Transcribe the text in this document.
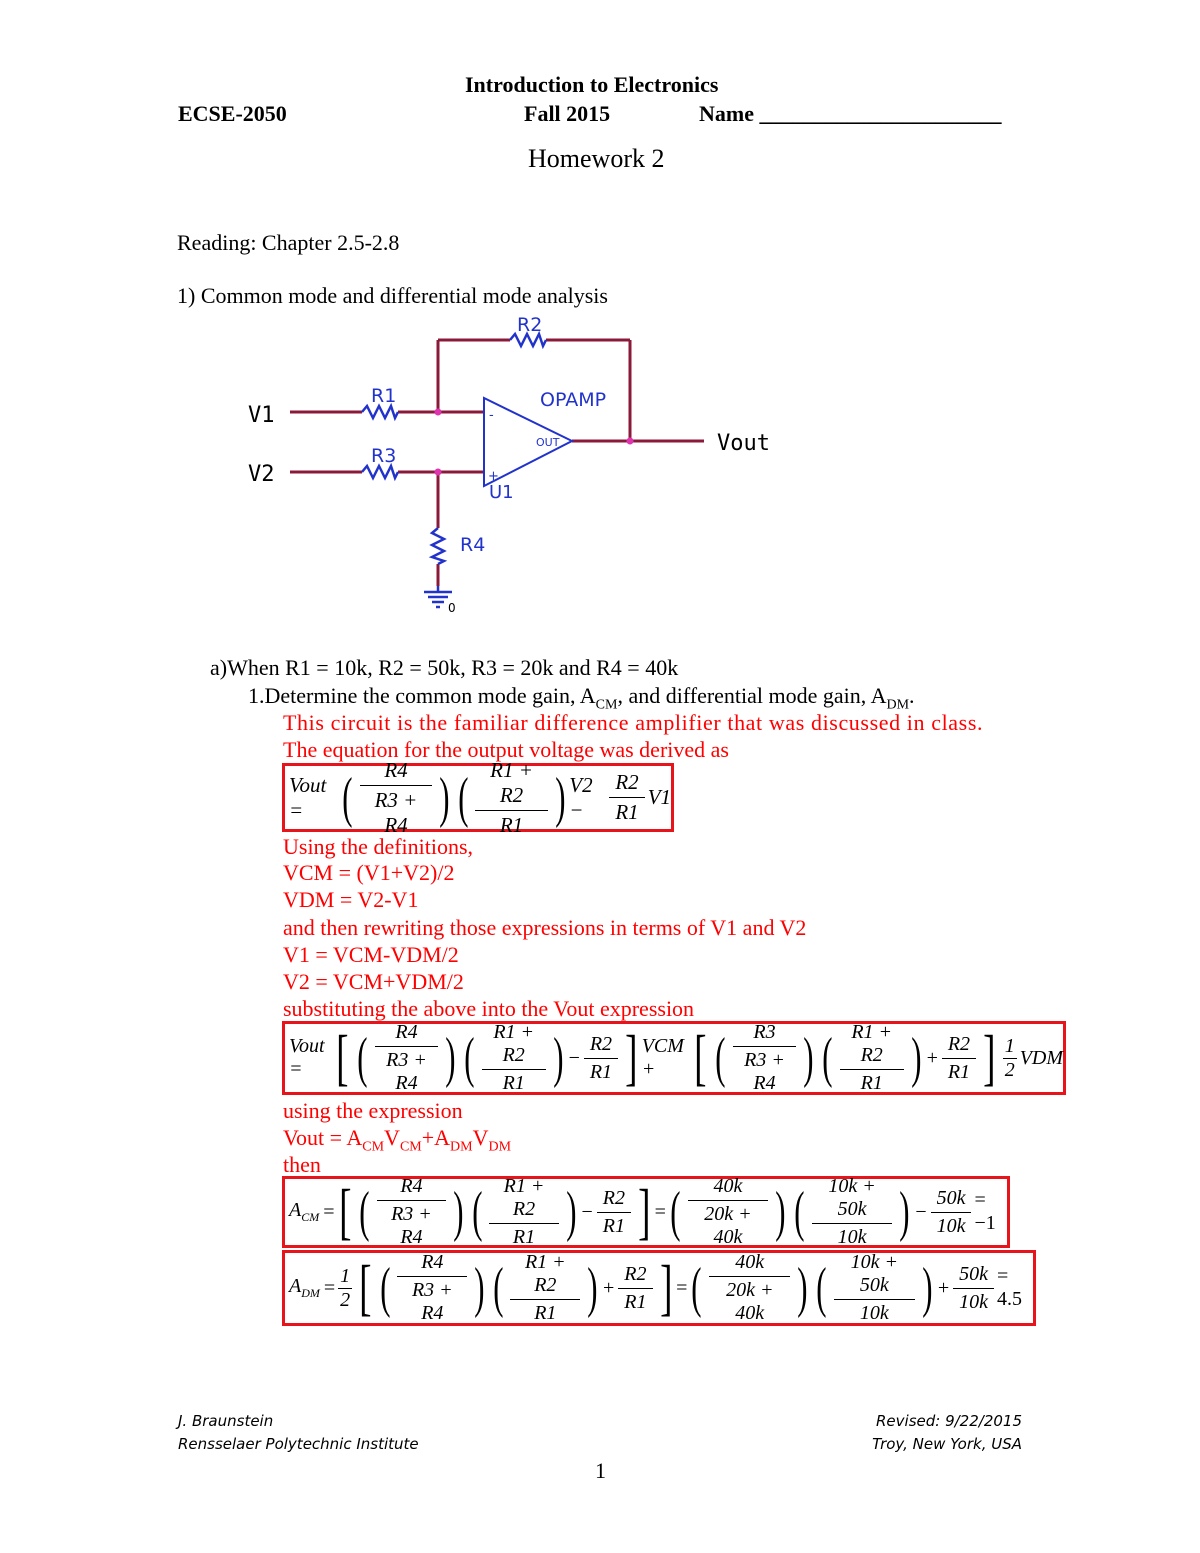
Introduction to Electronics
ECSE-2050	Fall 2015	Name ______________________
Homework 2
Reading: Chapter 2.5-2.8
1) Common mode and differential mode analysis
R2
R1
R3
R4
OPAMP
U1
OUT
-
+
0
V1
V2
Vout
a)When R1 = 10k, R2 = 50k, R3 = 20k and R4 = 40k
1.Determine the common mode gain, $A_{CM}$, and differential mode gain, $A_{DM}$.
This circuit is the familiar difference amplifier that was discussed in class.
The equation for the output voltage was derived as
Vout = ( $\frac{R4}{R3 + R4}$ ) ( $\frac{R1 + R2}{R1}$ ) V2 −	$\frac{R2}{R1} V1$
Using the definitions,
VCM = (V1+V2)/2
VDM = V2-V1
and then rewriting those expressions in terms of V1 and V2
V1 = VCM-VDM/2
V2 = VCM+VDM/2
substituting the above into the Vout expression
Vout = [ ( $\frac{R4}{R3 + R4}$ ) ( $\frac{R1 + R2}{R1}$ ) − $\frac{R2}{R1}$ ] VCM + [ ( $\frac{R3}{R3 + R4}$ ) ( $\frac{R1 + R2}{R1}$ ) + $\frac{R2}{R1}$ ] $\frac{1}{2}$ VDM
using the expression
Vout = $A_{CM}V_{CM}+A_{DM}V_{DM}$
then
$A_{CM}$ = [ ( $\frac{R4}{R3 + R4}$ ) ( $\frac{R1 + R2}{R1}$ ) − $\frac{R2}{R1}$ ] = ( $\frac{40k}{20k + 40k}$ ) ( $\frac{10k + 50k}{10k}$ ) − $\frac{50k}{10k} = -1$
$A_{DM} = \frac{1}{2}$ [ ( $\frac{R4}{R3 + R4}$ ) ( $\frac{R1 + R2}{R1}$ ) + $\frac{R2}{R1}$ ] = ( $\frac{40k}{20k + 40k}$ ) ( $\frac{10k + 50k}{10k}$ ) + $\frac{50k}{10k} = 4.5$
J. Braunstein
Rensselaer Polytechnic Institute
Revised: 9/22/2015
Troy, New York, USA
1
